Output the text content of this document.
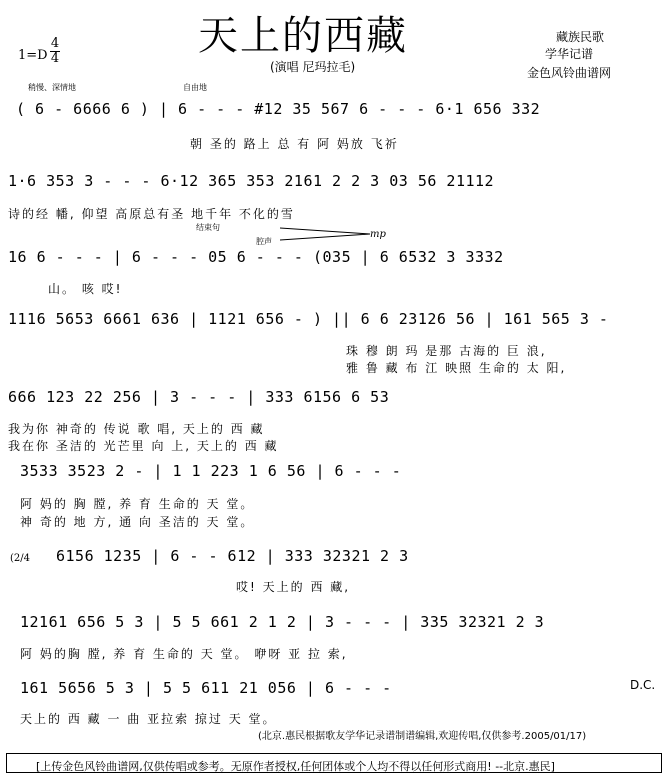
天上的西藏
1=D
4
4
(演唱 尼玛拉毛)
藏族民歌
学华记谱
金色风铃曲谱网
稍慢、深情地	自由地
结束句
腔声
mp
( 6 - 6666 6 ) | 6 - - - #12 35 567 6 - - - 6·1 656 332
朝 圣的 路上 总 有 阿 妈放 飞祈
1·6 353 3 - - - 6·12 365 353 2161 2 2 3 03 56 21112
诗的经 幡, 仰望 高原总有圣 地千年 不化的雪
16 6 - - - | 6 - - - 05 6 - - - (035 | 6 6532 3 3332
山。 咳 哎!
1116 5653 6661 636 | 1121 656 - ) || 6 6 23126 56 | 161 565 3 -
珠 穆 朗 玛 是那 古海的 巨 浪,
雅 鲁 藏 布 江 映照 生命的 太 阳,
666 123 22 256 | 3 - - - | 333 6156 6 53
我为你 神奇的 传说 歌 唱, 天上的 西 藏
我在你 圣洁的 光芒里 向 上, 天上的 西 藏
3533 3523 2 - | 1 1 223 1 6 56 | 6 - - -
阿 妈的 胸 膛, 养 育 生命的 天 堂。
神 奇的 地 方, 通 向 圣洁的 天 堂。
(2/4 6156 1235 | 6 - - 612 | 333 32321 2 3
哎! 天上的 西 藏,
12161 656 5 3 | 5 5 661 2 1 2 | 3 - - - | 335 32321 2 3
阿 妈的胸 膛, 养 育 生命的 天 堂。 咿呀 亚 拉 索,
161 5656 5 3 | 5 5 611 21 056 | 6 - - -
天上的 西 藏 一 曲 亚拉索 掠过 天 堂。
D.C.
(北京.惠民根据歌友学华记录谱制谱编辑,欢迎传唱,仅供参考.2005/01/17)
[上传金色风铃曲谱网,仅供传唱或参考。无原作者授权,任何团体或个人均不得以任何形式商用! --北京.惠民]
